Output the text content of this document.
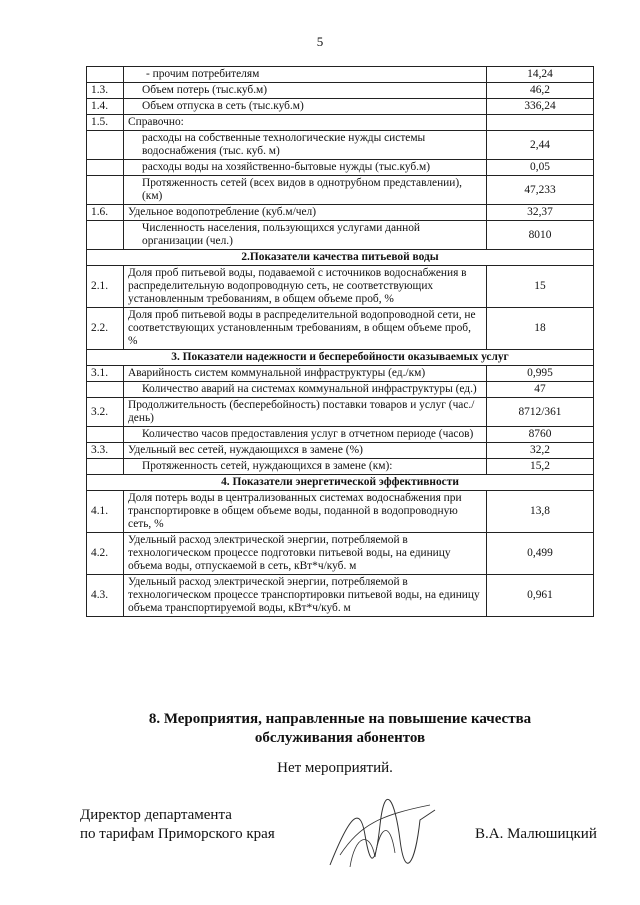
5
	- прочим потребителям	14,24
1.3.	Объем потерь (тыс.куб.м)	46,2
1.4.	Объем отпуска в сеть (тыс.куб.м)	336,24
1.5.	Справочно:	
	расходы на собственные технологические нужды системы водоснабжения (тыс. куб. м)	2,44
	расходы воды на хозяйственно-бытовые нужды (тыс.куб.м)	0,05
	Протяженность сетей (всех видов в однотрубном представлении), (км)	47,233
1.6.	Удельное водопотребление (куб.м/чел)	32,37
	Численность населения, пользующихся услугами данной организации (чел.)	8010
2.Показатели качества питьевой воды		
2.1.	Доля проб питьевой воды, подаваемой с источников водоснабжения в распределительную водопроводную сеть, не соответствующих установленным требованиям, в общем объеме проб, %	15
2.2.	Доля проб питьевой воды в распределительной водопроводной сети, не соответствующих установленным требованиям, в общем объеме проб, %	18
3. Показатели надежности и бесперебойности оказываемых услуг		
3.1.	Аварийность систем коммунальной инфраструктуры (ед./км)	0,995
	Количество аварий на системах коммунальной инфраструктуры (ед.)	47
3.2.	Продолжительность (бесперебойность) поставки товаров и услуг (час./день)	8712/361
	Количество часов предоставления услуг в отчетном периоде (часов)	8760
3.3.	Удельный вес сетей, нуждающихся в замене (%)	32,2
	Протяженность сетей, нуждающихся в замене (км):	15,2
4. Показатели энергетической эффективности		
4.1.	Доля потерь воды в централизованных системах водоснабжения при транспортировке в общем объеме воды, поданной в водопроводную сеть, %	13,8
4.2.	Удельный расход электрической энергии, потребляемой в технологическом процессе подготовки питьевой воды, на единицу объема воды, отпускаемой в сеть, кВт*ч/куб. м	0,499
4.3.	Удельный расход электрической энергии, потребляемой в технологическом процессе транспортировки питьевой воды, на единицу объема транспортируемой воды, кВт*ч/куб. м	0,961
8. Мероприятия, направленные на повышение качества
обслуживания абонентов
Нет мероприятий.
Директор департамента
по тарифам Приморского края	В.А. Малюшицкий
